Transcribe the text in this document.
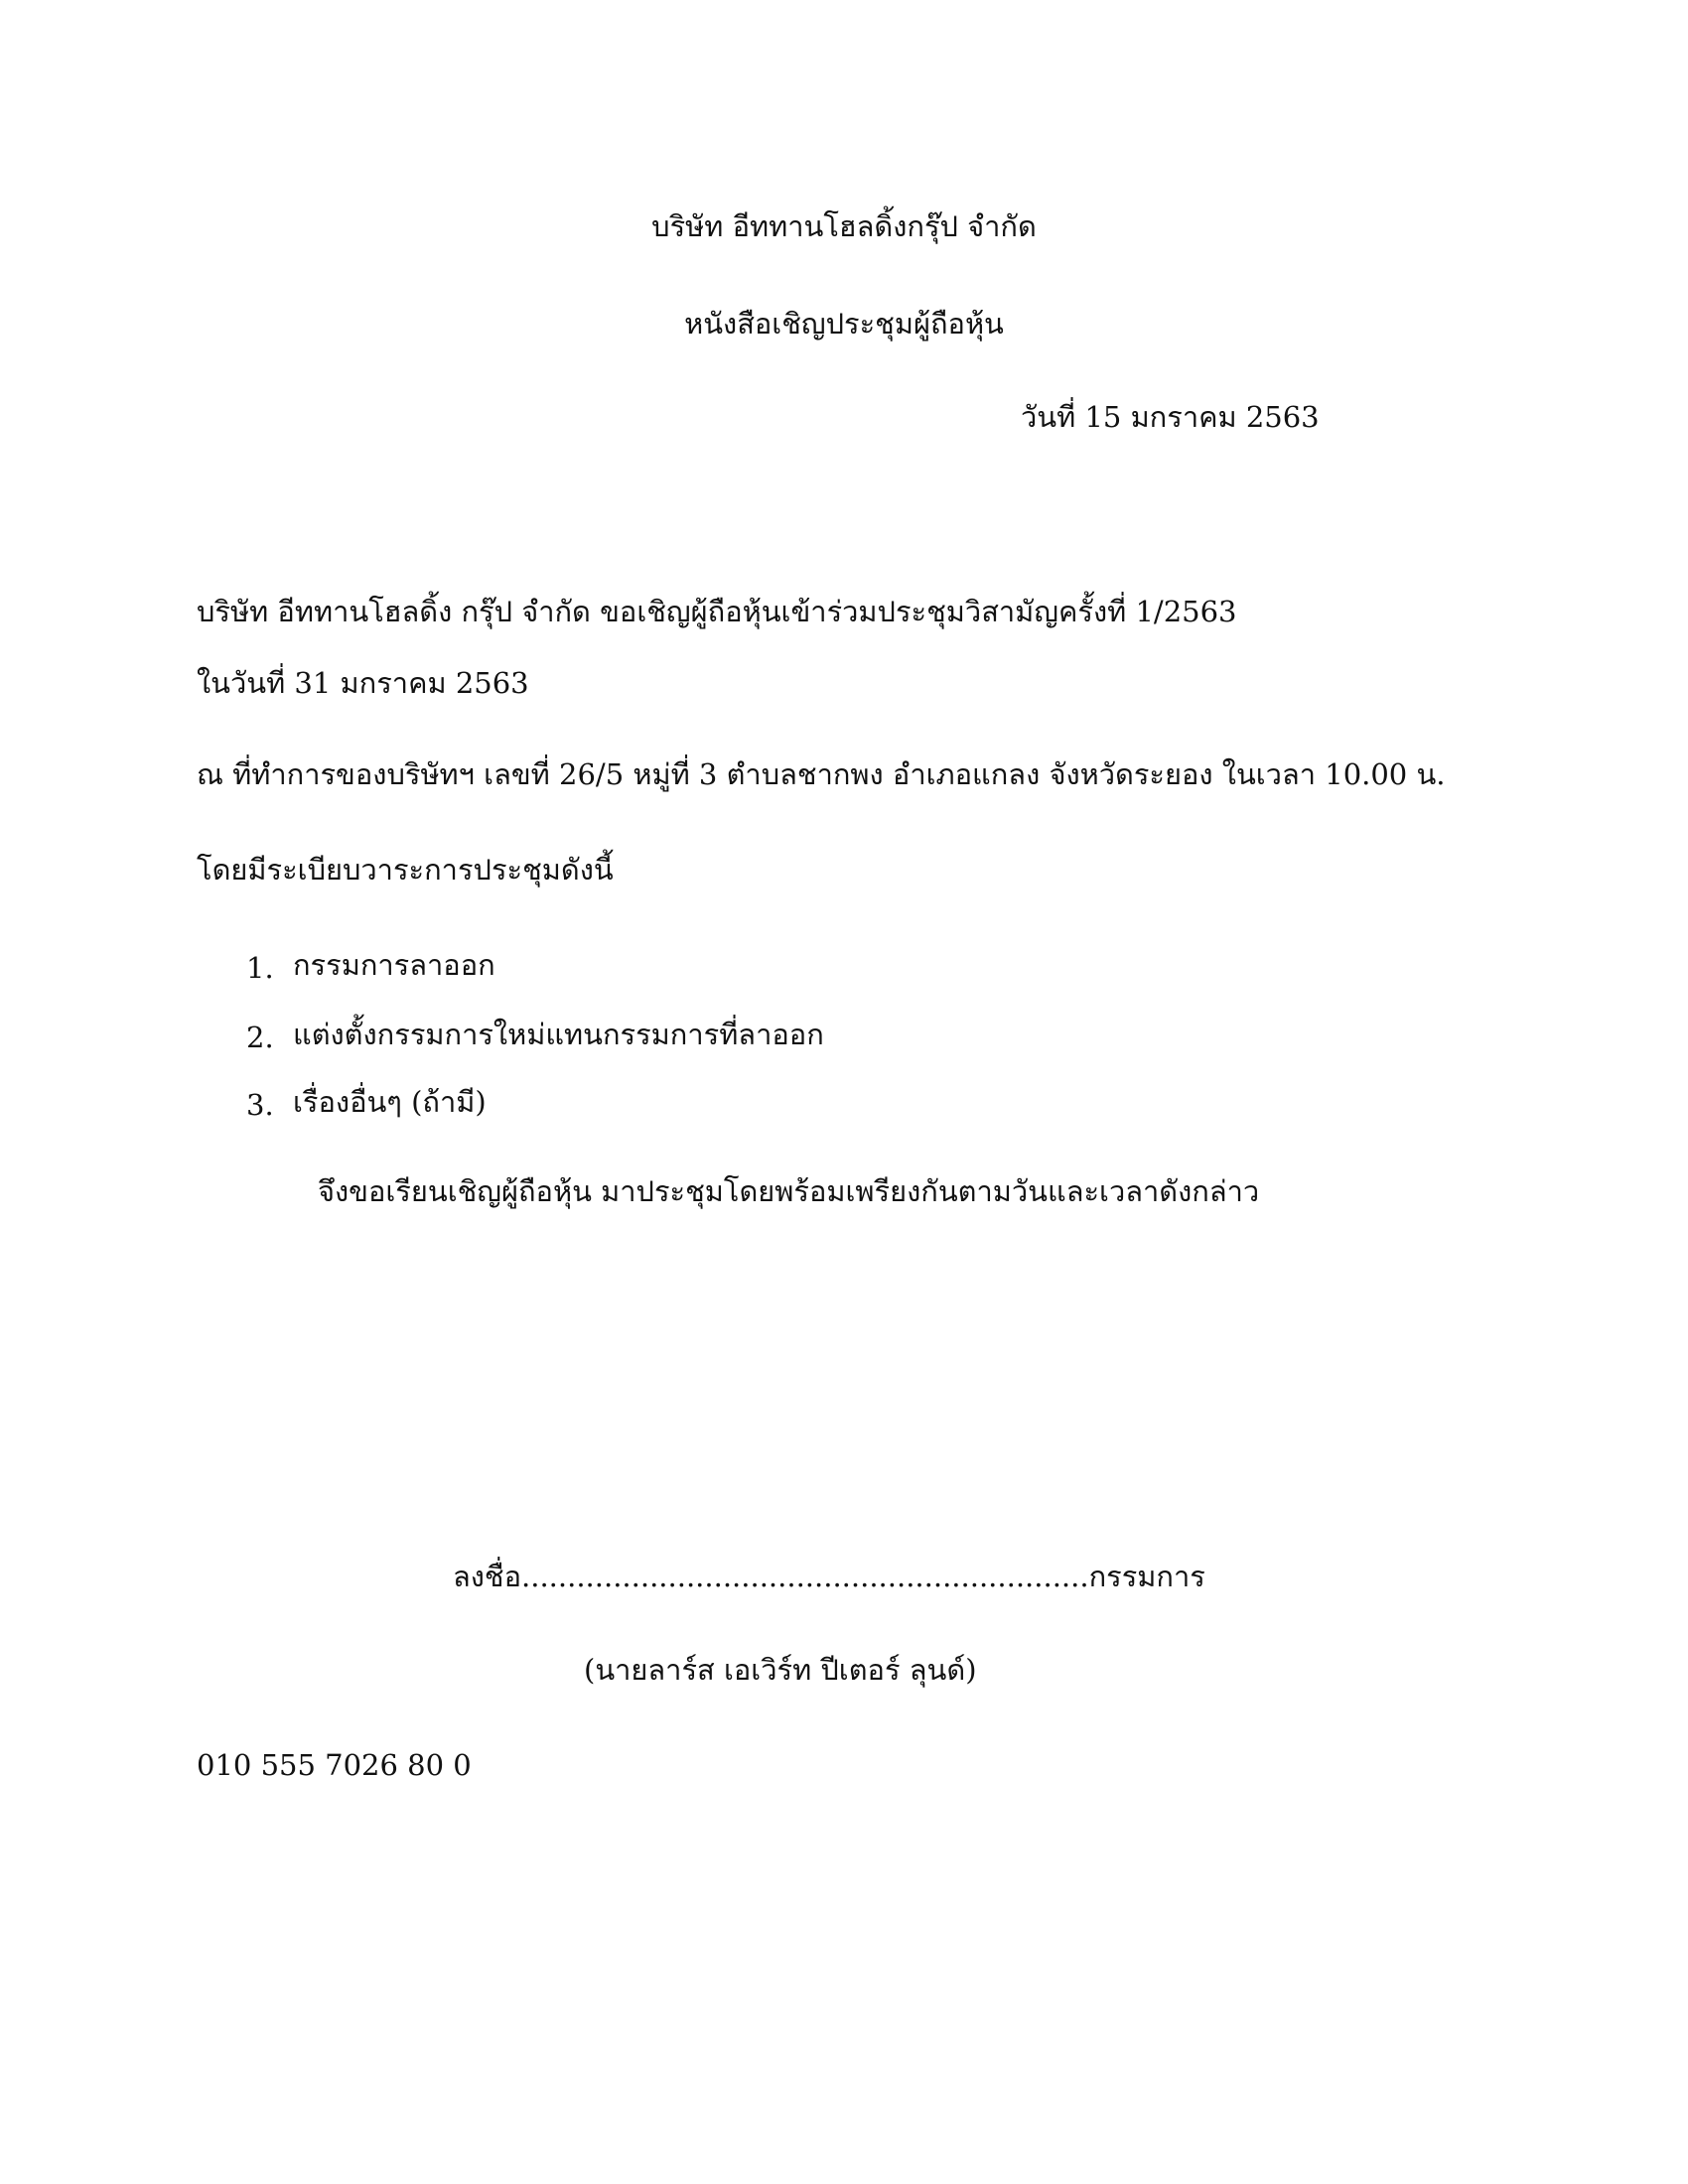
บริษัท อีททานโฮลดิ้งกรุ๊ป จำกัด
หนังสือเชิญประชุมผู้ถือหุ้น
วันที่ 15 มกราคม 2563
บริษัท อีททานโฮลดิ้ง กรุ๊ป จำกัด ขอเชิญผู้ถือหุ้นเข้าร่วมประชุมวิสามัญครั้งที่ 1/2563
ในวันที่ 31 มกราคม 2563
ณ ที่ทำการของบริษัทฯ เลขที่ 26/5 หมู่ที่ 3 ตำบลชากพง อำเภอแกลง จังหวัดระยอง ในเวลา 10.00 น.
โดยมีระเบียบวาระการประชุมดังนี้
1. กรรมการลาออก
2. แต่งตั้งกรรมการใหม่แทนกรรมการที่ลาออก
3. เรื่องอื่นๆ (ถ้ามี)
จึงขอเรียนเชิญผู้ถือหุ้น มาประชุมโดยพร้อมเพรียงกันตามวันและเวลาดังกล่าว
ลงชื่อ..............................................................กรรมการ
(นายลาร์ส เอเวิร์ท ปีเตอร์ ลุนด์)
010 555 7026 80 0
